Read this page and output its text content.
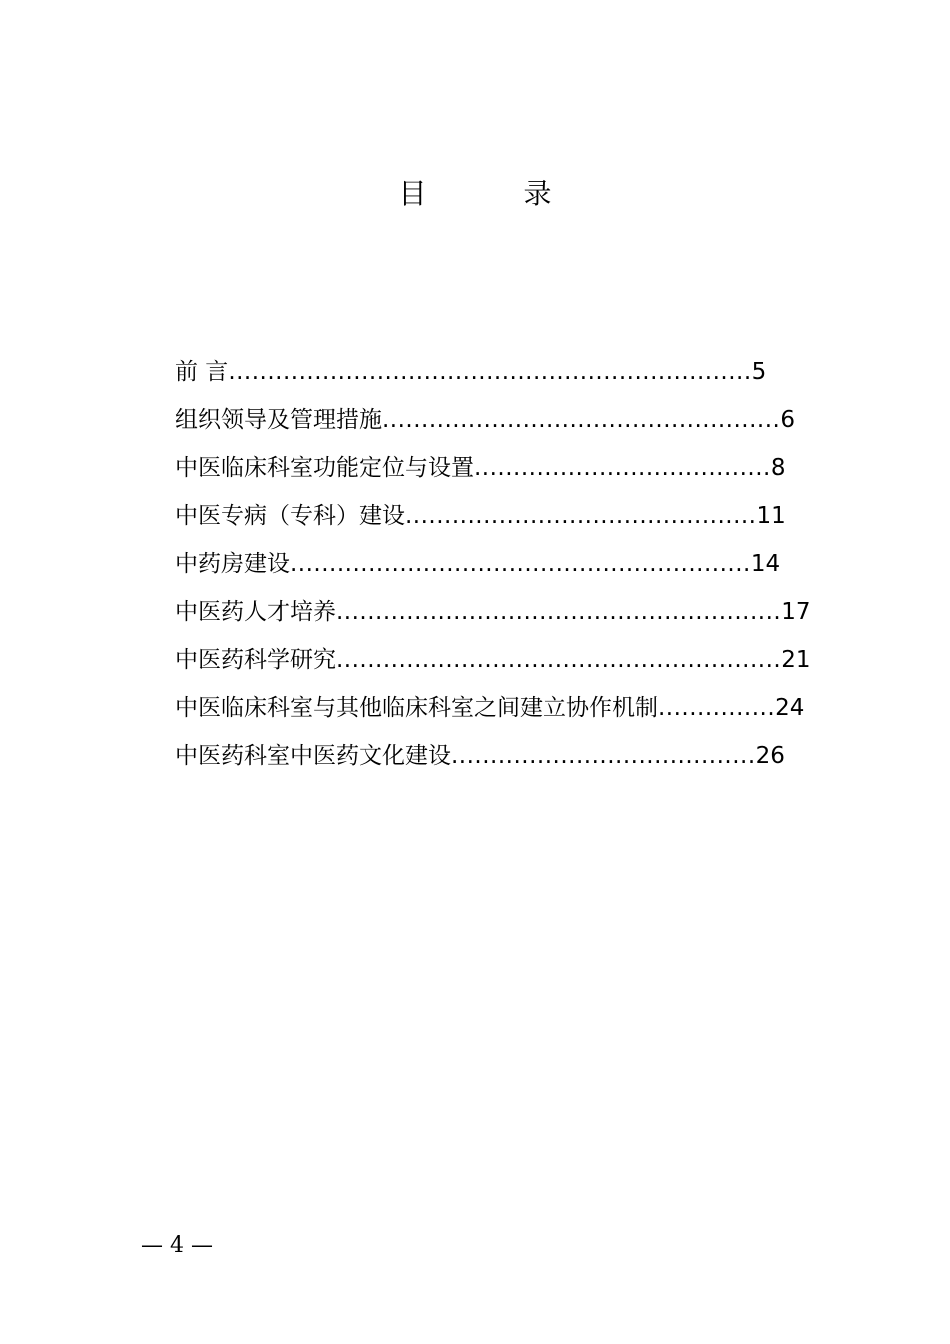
目 录
前 言...................................................................5
组织领导及管理措施...................................................6
中医临床科室功能定位与设置......................................8
中医专病（专科）建设.............................................11
中药房建设...........................................................14
中医药人才培养.........................................................17
中医药科学研究.........................................................21
中医临床科室与其他临床科室之间建立协作机制...............24
中医药科室中医药文化建设.......................................26
— 4 —
